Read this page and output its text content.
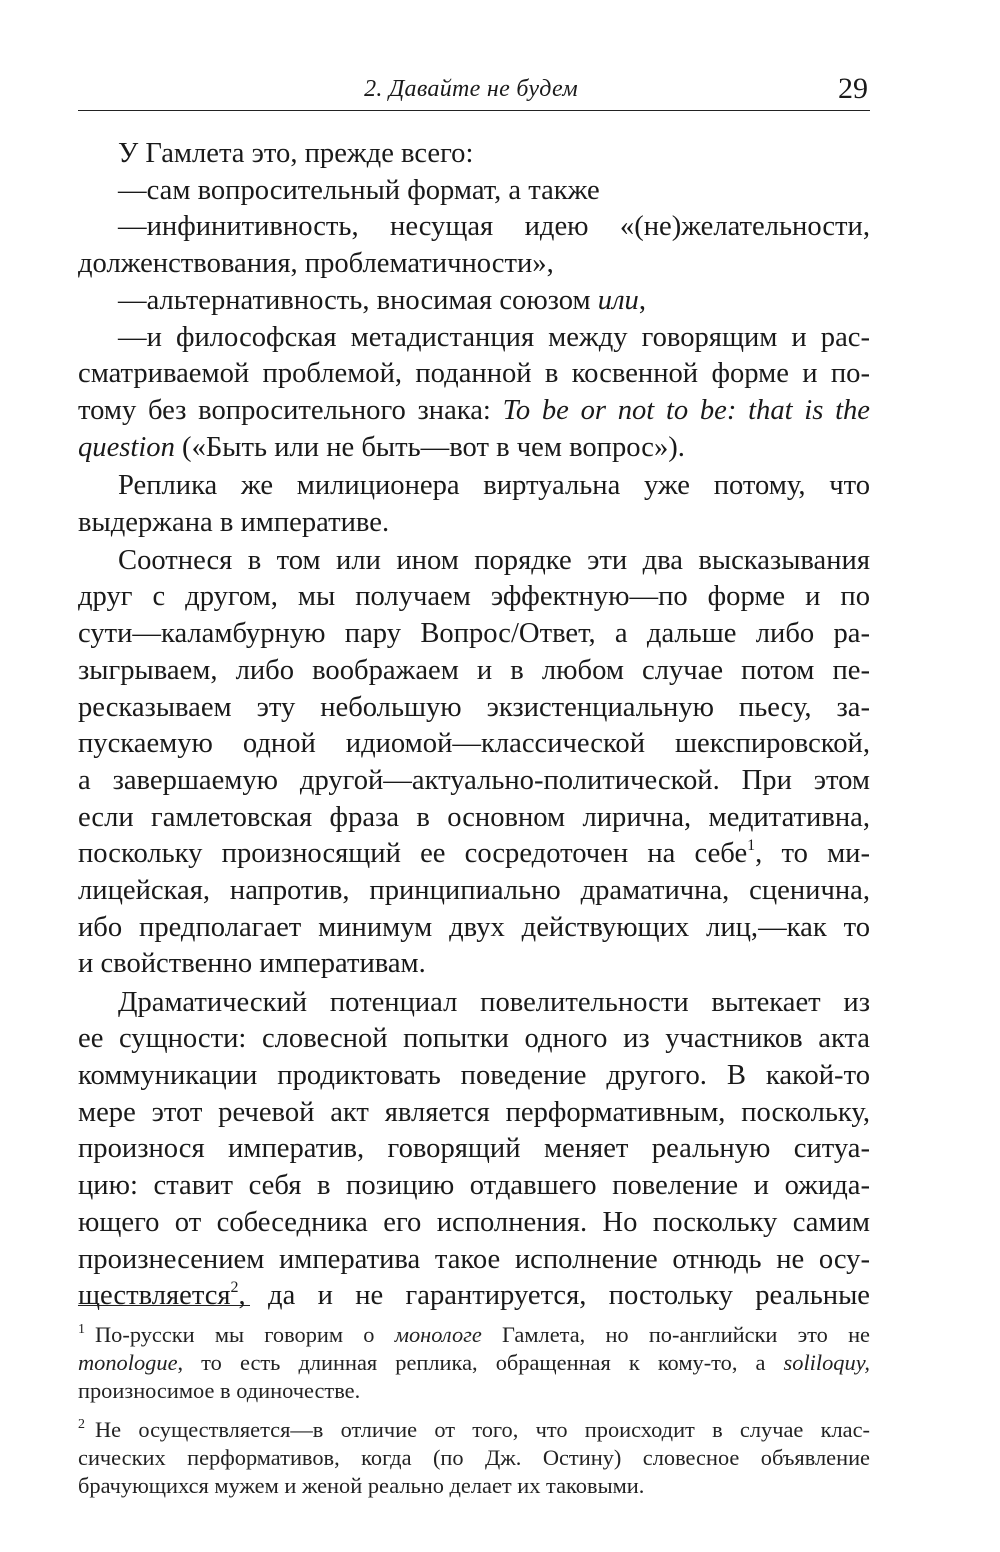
2. Давайте не будем	29

У Гамлета это, прежде всего:

—сам вопросительный формат, а также

—инфинитивность, несущая идею «(не)желательности,
долженствования, проблематичности»,

—альтернативность, вносимая союзом или,

—и философская метадистанция между говорящим и рас-
сматриваемой проблемой, поданной в косвенной форме и по-
тому без вопросительного знака: To be or not to be: that is the
question («Быть или не быть—вот в чем вопрос»).

Реплика же милиционера виртуальна уже потому, что
выдержана в императиве.

Соотнеся в том или ином порядке эти два высказывания
друг с другом, мы получаем эффектную—по форме и по
сути—каламбурную пару Вопрос/Ответ, а дальше либо ра-
зыгрываем, либо воображаем и в любом случае потом пе-
ресказываем эту небольшую экзистенциальную пьесу, за-
пускаемую одной идиомой—классической шекспировской,
а завершаемую другой—актуально-политической. При этом
если гамлетовская фраза в основном лирична, медитативна,
поскольку произносящий ее сосредоточен на себе$^1$, то ми-
лицейская, напротив, принципиально драматична, сценична,
ибо предполагает минимум двух действующих лиц,—как то
и свойственно императивам.

Драматический потенциал повелительности вытекает из
ее сущности: словесной попытки одного из участников акта
коммуникации продиктовать поведение другого. В какой-то
мере этот речевой акт является перформативным, поскольку,
произнося императив, говорящий меняет реальную ситуа-
цию: ставит себя в позицию отдавшего повеление и ожида-
ющего от собеседника его исполнения. Но поскольку самим
произнесением императива такое исполнение отнюдь не осу-
ществляется$^2$, да и не гарантируется, постольку реальные

$^1$ По-русски мы говорим о монологе Гамлета, но по-английски это не
monologue, то есть длинная реплика, обращенная к кому-то, а soliloquy,
произносимое в одиночестве.

$^2$ Не осуществляется—в отличие от того, что происходит в случае клас-
сических перформативов, когда (по Дж. Остину) словесное объявление
брачующихся мужем и женой реально делает их таковыми.
